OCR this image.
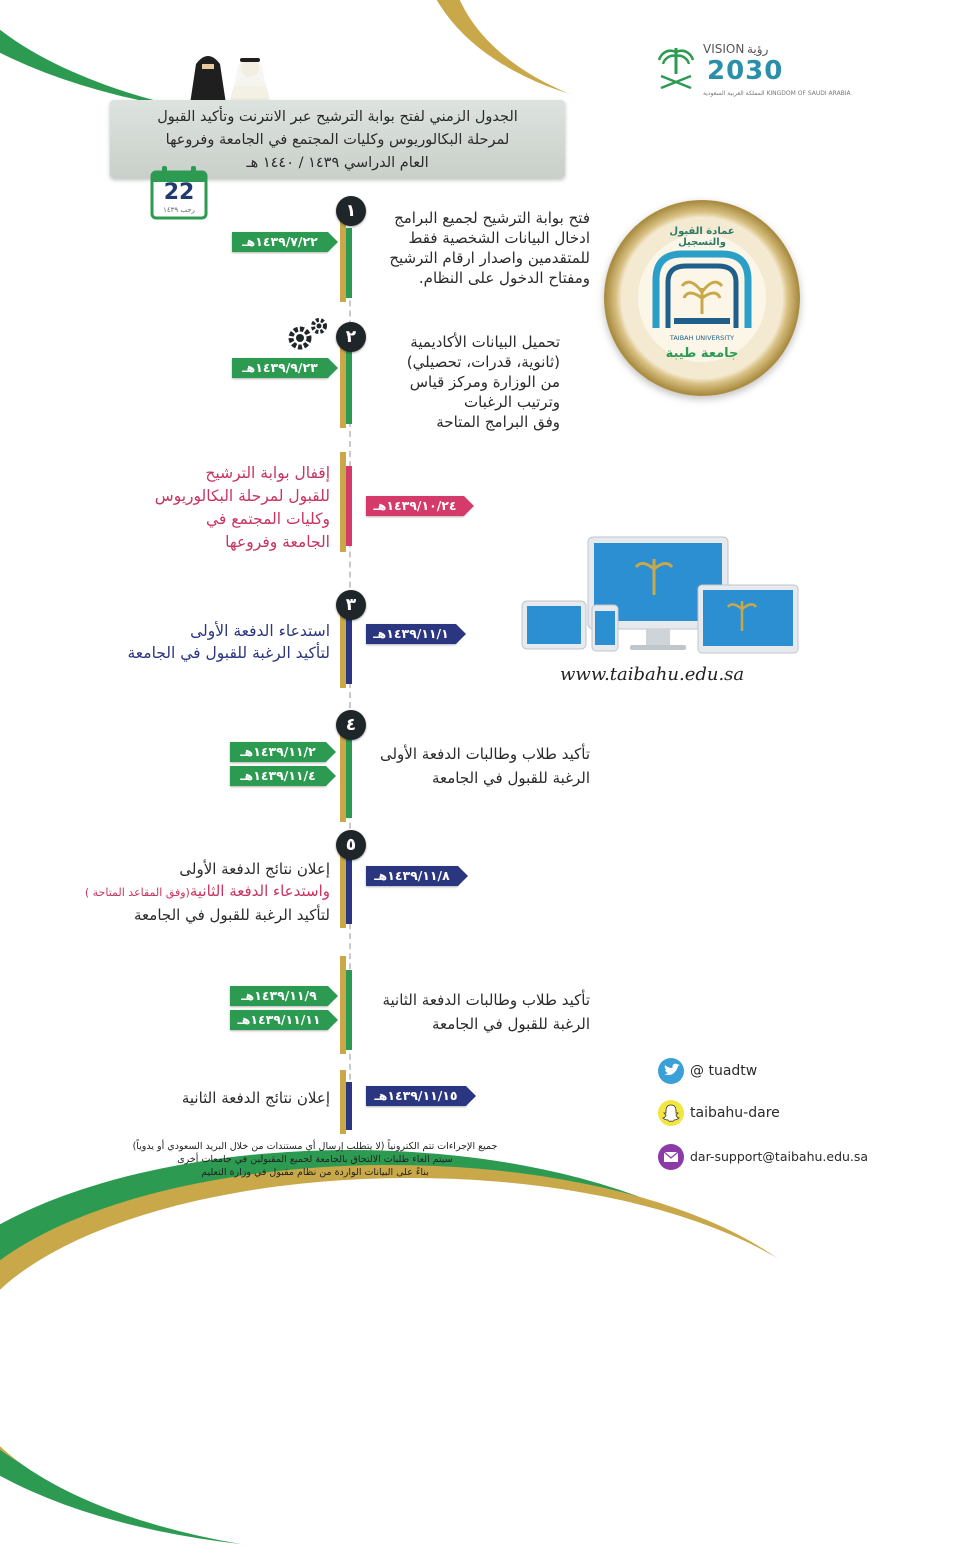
VISION رؤية
2030
المملكة العربية السعودية KINGDOM OF SAUDI ARABIA
الجدول الزمني لفتح بوابة الترشيح عبر الانترنت وتأكيد القبول
لمرحلة البكالوريوس وكليات المجتمع في الجامعة وفروعها
العام الدراسي ١٤٣٩ / ١٤٤٠ هـ
22
رجب ١٤٣٩	١
١٤٣٩/٧/٢٢هـ
فتح بوابة الترشيح لجميع البرامج
ادخال البيانات الشخصية فقط
للمتقدمين واصدار ارقام الترشيح
ومفتاح الدخول على النظام.
٢
١٤٣٩/٩/٢٣هـ
تحميل البيانات الأكاديمية
(ثانوية، قدرات، تحصيلي)
من الوزارة ومركز قياس
وترتيب الرغبات
وفق البرامج المتاحة
١٤٣٩/١٠/٢٤هـ
إقفال بوابة الترشيح
للقبول لمرحلة البكالوريوس
وكليات المجتمع في
الجامعة وفروعها
٣
١٤٣٩/١١/١هـ
استدعاء الدفعة الأولى
لتأكيد الرغبة للقبول في الجامعة
٤
١٤٣٩/١١/٢هـ
١٤٣٩/١١/٤هـ
تأكيد طلاب وطالبات الدفعة الأولى
الرغبة للقبول في الجامعة
٥
١٤٣٩/١١/٨هـ
إعلان نتائج الدفعة الأولى
واستدعاء الدفعة الثانية(وفق المقاعد المتاحة )
لتأكيد الرغبة للقبول في الجامعة
١٤٣٩/١١/٩هـ
١٤٣٩/١١/١١هـ
تأكيد طلاب وطالبات الدفعة الثانية
الرغبة للقبول في الجامعة
١٤٣٩/١١/١٥هـ
إعلان نتائج الدفعة الثانية
عمادة القبول والتسجيل
TAIBAH UNIVERSITY
جامعة طيبة
www.taibahu.edu.sa
@ tuadtw
taibahu-dare
dar-support@taibahu.edu.sa
جميع الإجراءات تتم الكترونياً (لا يتطلب إرسال أي مستندات من خلال البريد السعودي أو يدوياً)
سيتم الغاء طلبات الالتحاق بالجامعة لجميع المقبولين في جامعات أخرى
بناءً على البيانات الواردة من نظام مقبول في وزارة التعليم
